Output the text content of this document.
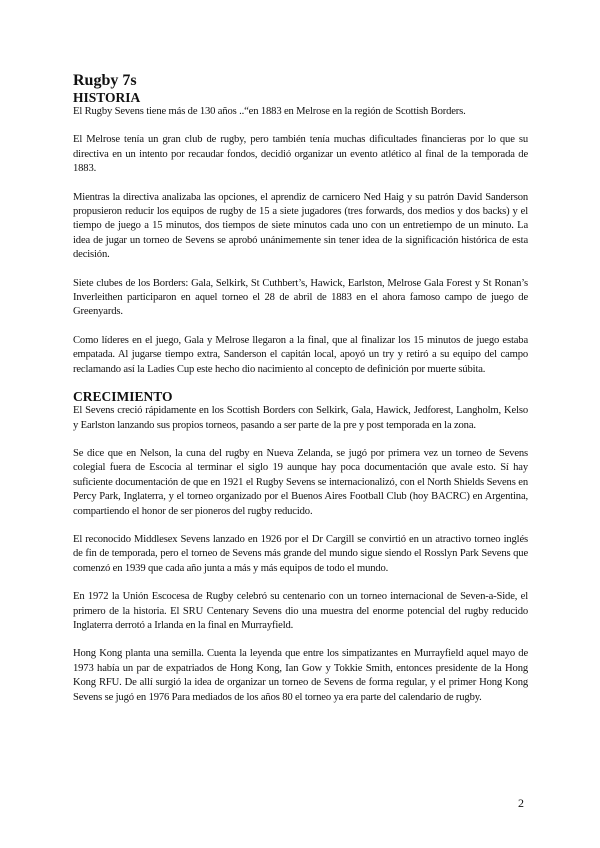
Rugby 7s
HISTORIA

El Rugby Sevens tiene más de 130 años ..“en 1883 en Melrose en la región de Scottish Borders.

El Melrose tenía un gran club de rugby, pero también tenía muchas dificultades financieras por lo que su directiva en un intento por recaudar fondos, decidió organizar un evento atlético al final de la temporada de 1883.

Mientras la directiva analizaba las opciones, el aprendiz de carnicero Ned Haig y su patrón David Sanderson propusieron reducir los equipos de rugby de 15 a siete jugadores (tres forwards, dos medios y dos backs) y el tiempo de juego a 15 minutos, dos tiempos de siete minutos cada uno con un entretiempo de un minuto. La idea de jugar un torneo de Sevens se aprobó unánimemente sin tener idea de la significación histórica de esta decisión.

Siete clubes de los Borders: Gala, Selkirk, St Cuthbert’s, Hawick, Earlston, Melrose Gala Forest y St Ronan’s Inverleithen participaron en aquel torneo el 28 de abril de 1883 en el ahora famoso campo de juego de Greenyards.

Como líderes en el juego, Gala y Melrose llegaron a la final, que al finalizar los 15 minutos de juego estaba empatada. Al jugarse tiempo extra, Sanderson el capitán local, apoyó un try y retiró a su equipo del campo reclamando así la Ladies Cup este hecho dio nacimiento al concepto de definición por muerte súbita.

CRECIMIENTO

El Sevens creció rápidamente en los Scottish Borders con Selkirk, Gala, Hawick, Jedforest, Langholm, Kelso y Earlston lanzando sus propios torneos, pasando a ser parte de la pre y post temporada en la zona.

Se dice que en Nelson, la cuna del rugby en Nueva Zelanda, se jugó por primera vez un torneo de Sevens colegial fuera de Escocia al terminar el siglo 19 aunque hay poca documentación que avale esto. Sí hay suficiente documentación de que en 1921 el Rugby Sevens se internacionalizó, con el North Shields Sevens en Percy Park, Inglaterra, y el torneo organizado por el Buenos Aires Football Club (hoy BACRC) en Argentina, compartiendo el honor de ser pioneros del rugby reducido.

El reconocido Middlesex Sevens lanzado en 1926 por el Dr Cargill se convirtió en un atractivo torneo inglés de fin de temporada, pero el torneo de Sevens más grande del mundo sigue siendo el Rosslyn Park Sevens que comenzó en 1939 que cada año junta a más y más equipos de todo el mundo.

En 1972 la Unión Escocesa de Rugby celebró su centenario con un torneo internacional de Seven-a-Side, el primero de la historia. El SRU Centenary Sevens dio una muestra del enorme potencial del rugby reducido Inglaterra derrotó a Irlanda en la final en Murrayfield.

Hong Kong planta una semilla. Cuenta la leyenda que entre los simpatizantes en Murrayfield aquel mayo de 1973 había un par de expatriados de Hong Kong, Ian Gow y Tokkie Smith, entonces presidente de la Hong Kong RFU. De allí surgió la idea de organizar un torneo de Sevens de forma regular, y el primer Hong Kong Sevens se jugó en 1976 Para mediados de los años 80 el torneo ya era parte del calendario de rugby.

2
